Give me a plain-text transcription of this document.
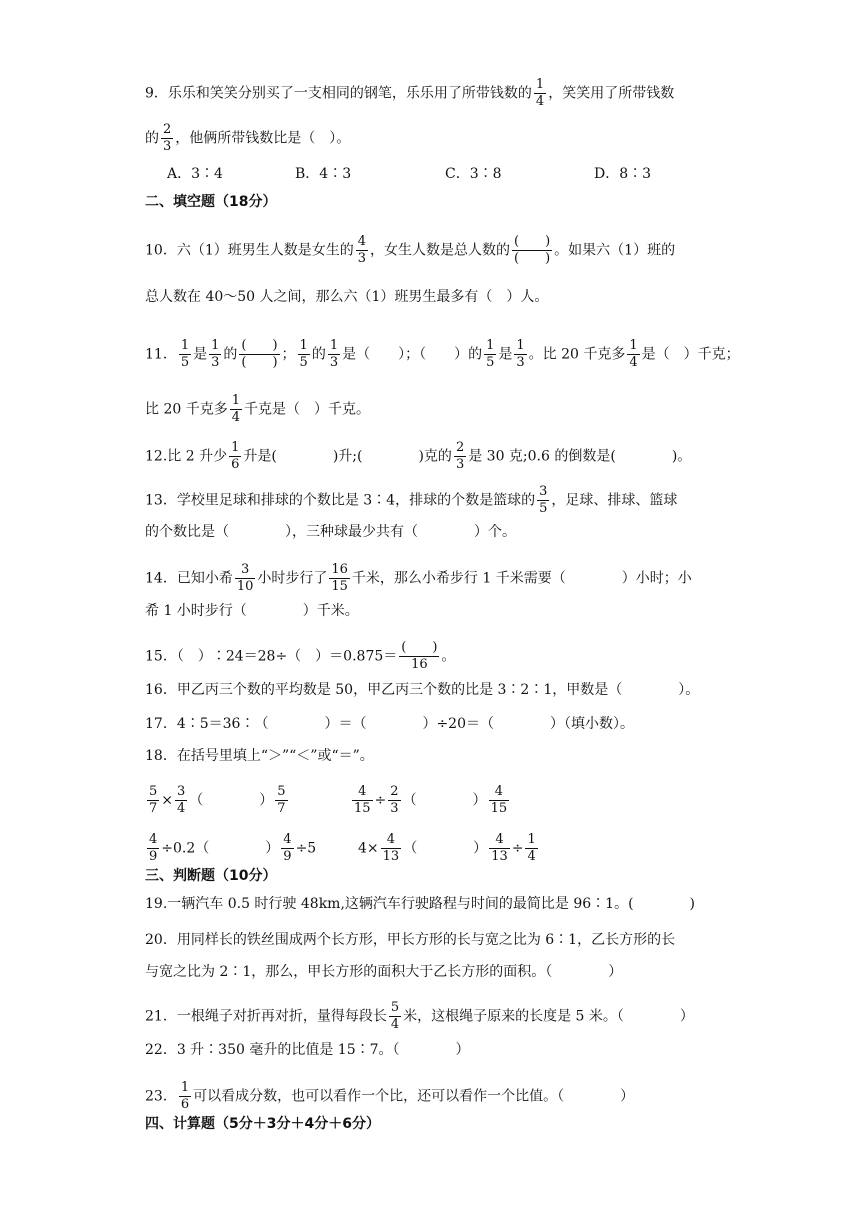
9．乐乐和笑笑分别买了一支相同的钢笔，乐乐用了所带钱数的 $\frac{1}{4}$ ，笑笑用了所带钱数
的 $\frac{2}{3}$ ，他俩所带钱数比是（　）。
A．3∶4	B．4∶3	C．3∶8	D．8∶3
二、填空题（18分）
10．六（1）班男生人数是女生的 $\frac{4}{3}$ ，女生人数是总人数的
(　　)
(　　) 。如果六（1）班的
总人数在 40～50 人之间，那么六（1）班男生最多有（　）人。
11． $\frac{1}{5}$ 是 $\frac{1}{3}$ 的
(　　)
(　　) ； $\frac{1}{5}$ 的 $\frac{1}{3}$ 是（　　）；（　　）的 $\frac{1}{5}$ 是 $\frac{1}{3}$ 。比 20 千克多 $\frac{1}{4}$ 是（　）千克；
比 20 千克多 $\frac{1}{4}$ 千克是（　）千克。
12.比 2 升少 $\frac{1}{6}$ 升是(　　　　)升;(　　　　)克的 $\frac{2}{3}$ 是 30 克;0.6 的倒数是(　　　　)。
13．学校里足球和排球的个数比是 3∶4，排球的个数是篮球的 $\frac{3}{5}$ ，足球、排球、篮球
的个数比是（　　　　），三种球最少共有（　　　　）个。
14．已知小希 $\frac{3}{10}$ 小时步行了 $\frac{16}{15}$ 千米，那么小希步行 1 千米需要（　　　　）小时；小
希 1 小时步行（　　　　）千米。
15．（　）∶24＝28÷（　）＝0.875＝
(　　)
16 。
16．甲乙丙三个数的平均数是 50，甲乙丙三个数的比是 3∶2∶1，甲数是（　　　　）。
17．4∶5＝36∶（　　　　）＝（　　　　）÷20＝（　　　　）（填小数）。
18．在括号里填上“＞”“＜”或“＝”。
$\frac{5}{7} \times \frac{3}{4}$ （　　　　） $\frac{5}{7}$	$\frac{4}{15} \div \frac{2}{3}$ （　　　　） $\frac{4}{15}$
$\frac{4}{9} \div 0.2$（　　　　） $\frac{4}{9} \div 5$	$4\times \frac{4}{13}$ （　　　　） $\frac{4}{13} \div \frac{1}{4}$
三、判断题（10分）
19.一辆汽车 0.5 时行驶 48km,这辆汽车行驶路程与时间的最简比是 96∶1。(　　　　)
20．用同样长的铁丝围成两个长方形，甲长方形的长与宽之比为 6∶1，乙长方形的长
与宽之比为 2∶1，那么，甲长方形的面积大于乙长方形的面积。（　　　　）
21．一根绳子对折再对折，量得每段长 $\frac{5}{4}$ 米，这根绳子原来的长度是 5 米。（　　　　）
22．3 升∶350 毫升的比值是 15∶7。（　　　　）
23． $\frac{1}{6}$ 可以看成分数，也可以看作一个比，还可以看作一个比值。（　　　　）
四、计算题（5分＋3分＋4分＋6分）
